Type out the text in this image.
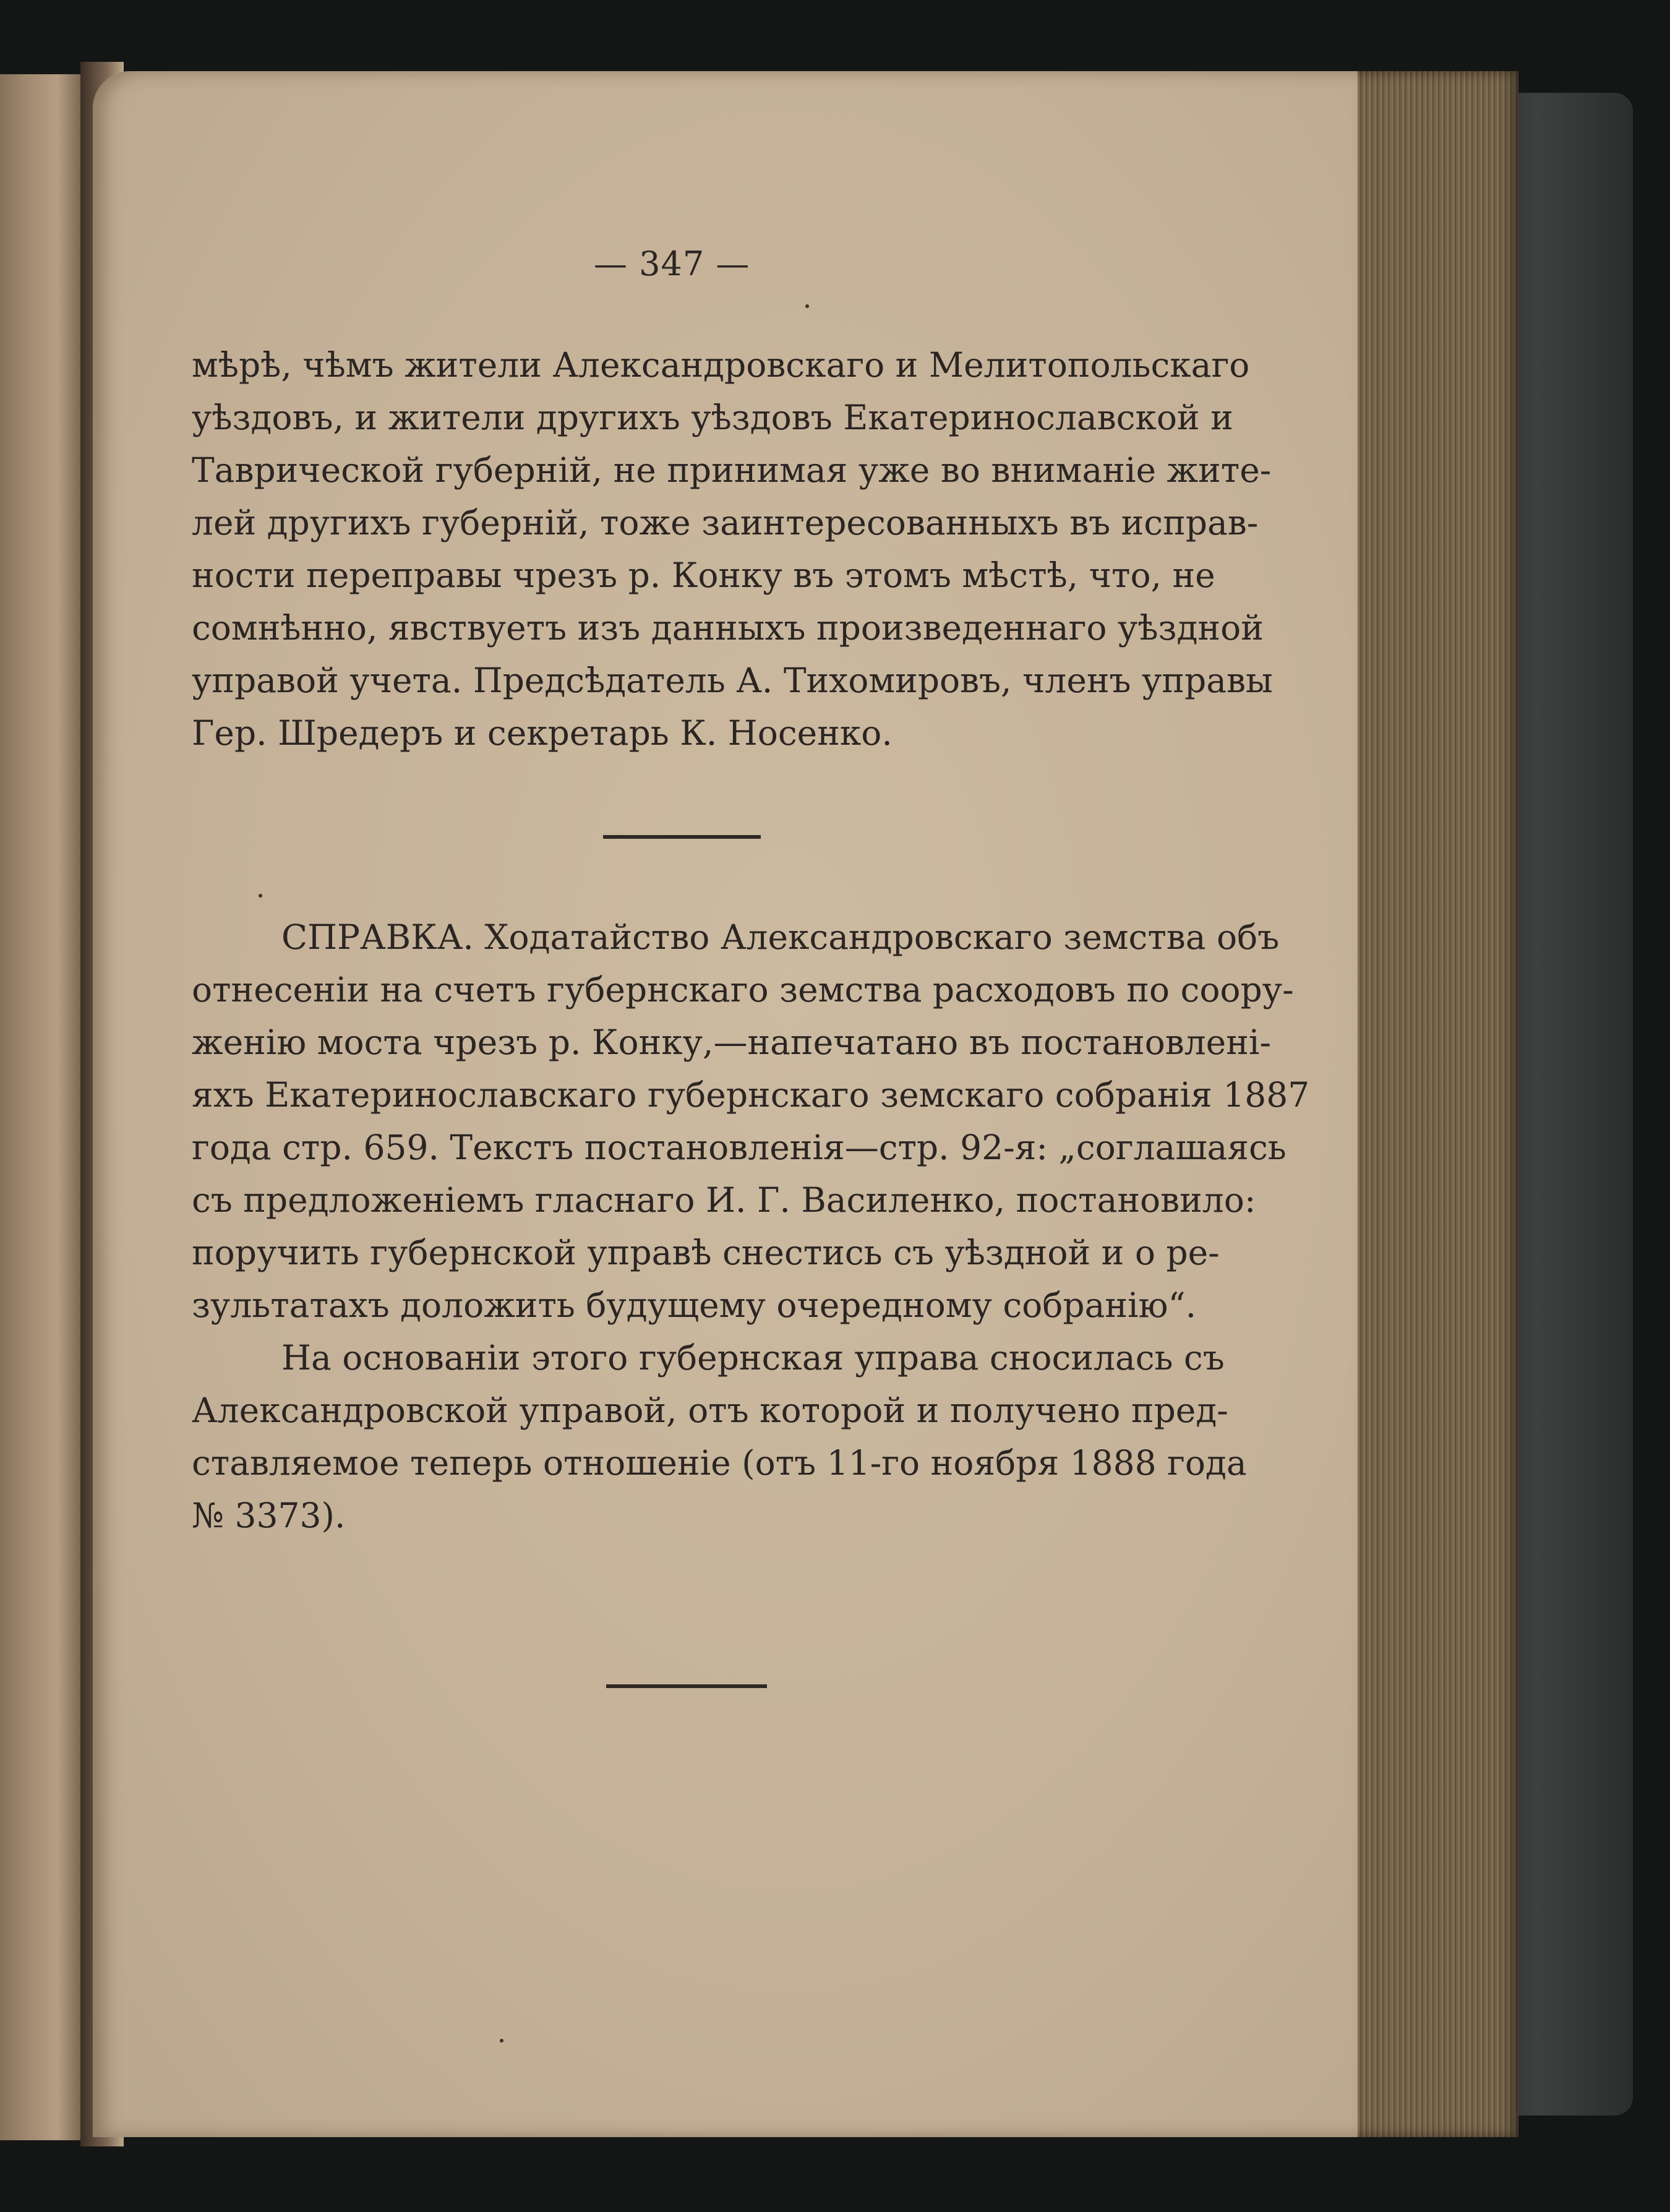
— 347 —
мѣрѣ, чѣмъ жители Александровскаго и Мелитопольскаго
уѣздовъ, и жители другихъ уѣздовъ Екатеринославской и
Таврической губерній, не принимая уже во вниманіе жите-
лей другихъ губерній, тоже заинтересованныхъ въ исправ-
ности переправы чрезъ р. Конку въ этомъ мѣстѣ, что, не
сомнѣнно, явствуетъ изъ данныхъ произведеннаго уѣздной
управой учета. Предсѣдатель А. Тихомировъ, членъ управы
Гер. Шредеръ и секретарь К. Носенко.
СПРАВКА. Ходатайство Александровскаго земства объ
отнесеніи на счетъ губернскаго земства расходовъ по соору-
женію моста чрезъ р. Конку,—напечатано въ постановлені-
яхъ Екатеринославскаго губернскаго земскаго собранія 1887
года стр. 659. Текстъ постановленія—стр. 92-я: „соглашаясь
съ предложеніемъ гласнаго И. Г. Василенко, постановило:
поручить губернской управѣ снестись съ уѣздной и о ре-
зультатахъ доложить будущему очередному собранію“.
На основаніи этого губернская управа сносилась съ
Александровской управой, отъ которой и получено пред-
ставляемое теперь отношеніе (отъ 11-го ноября 1888 года
№ 3373).
